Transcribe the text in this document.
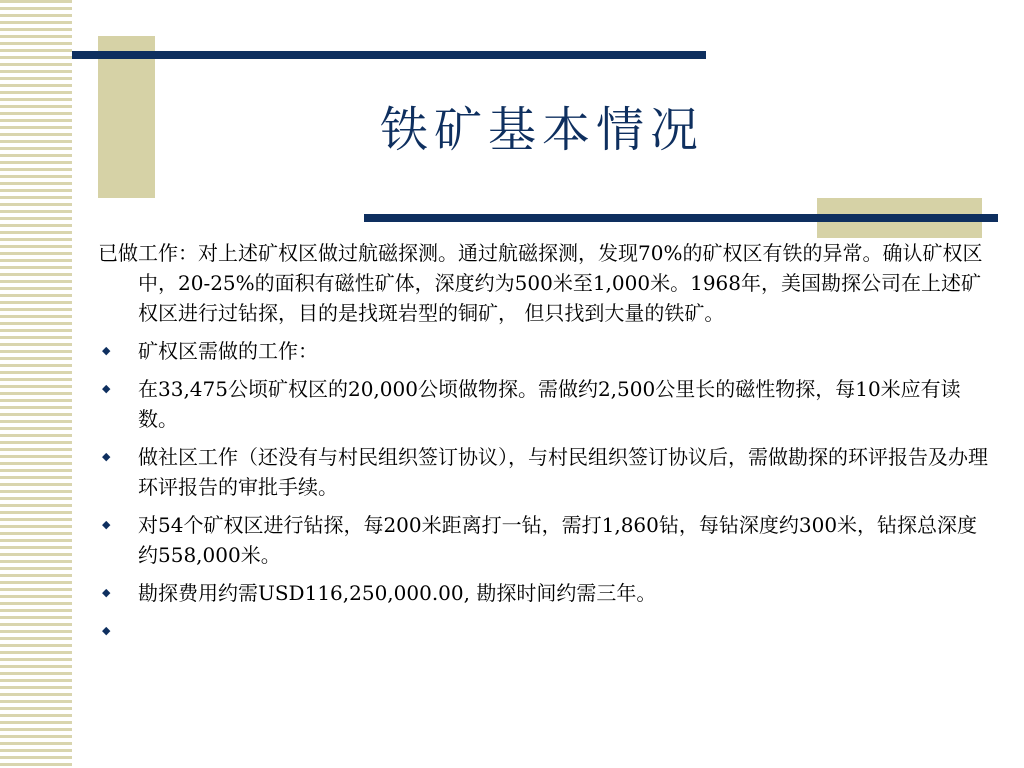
铁矿基本情况

已做工作：对上述矿权区做过航磁探测。通过航磁探测，发现70%的矿权区有铁的异常。确认矿权区中，20-25%的面积有磁性矿体，深度约为500米至1,000米。1968年，美国勘探公司在上述矿权区进行过钻探，目的是找斑岩型的铜矿， 但只找到大量的铁矿。

◆ 矿权区需做的工作：
◆ 在33,475公顷矿权区的20,000公顷做物探。需做约2,500公里长的磁性物探，每10米应有读数。
◆ 做社区工作（还没有与村民组织签订协议），与村民组织签订协议后，需做勘探的环评报告及办理环评报告的审批手续。
◆ 对54个矿权区进行钻探，每200米距离打一钻，需打1,860钻，每钻深度约300米，钻探总深度约558,000米。
◆ 勘探费用约需USD116,250,000.00, 勘探时间约需三年。
◆
